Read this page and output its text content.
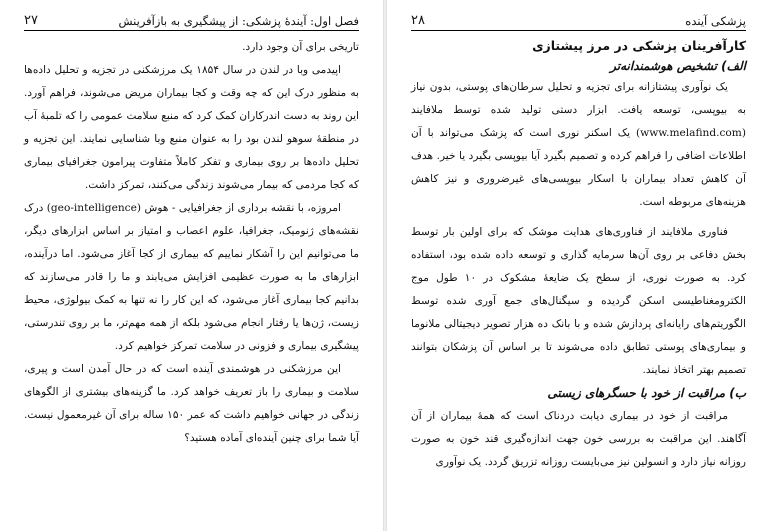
پزشکی آینده
۲۸

کارآفرینان پزشکی در مرز پیشتازی

الف) تشخیص هوشمندانه‌تر

یک نوآوری پیشتازانه برای تجزیه و تحلیل سرطان‌های پوستی، بدون نیاز به بیوپسی، توسعه یافت. ابزار دستی تولید شده توسط ملافایند (www.melafind.com) یک اسکنر نوری است که پزشک می‌تواند با آن اطلاعات اضافی را فراهم کرده و تصمیم بگیرد آیا بیوپسی بگیرد یا خیر. هدف آن کاهش تعداد بیماران با اسکار بیوپسی‌های غیرضروری و نیز کاهش هزینه‌های مربوطه است.

فناوری ملافایند از فناوری‌های هدایت موشک که برای اولین بار توسط بخش دفاعی بر روی آن‌ها سرمایه گذاری و توسعه داده شده بود، استفاده کرد. به صورت نوری، از سطح یک ضایعهٔ مشکوک در ۱۰ طول موج الکترومغناطیسی اسکن گردیده و سیگنال‌های جمع آوری شده توسط الگوریتم‌های رایانه‌ای پردازش شده و با بانک ده هزار تصویر دیجیتالی ملانوما و بیماری‌های پوستی تطابق داده می‌شوند تا بر اساس آن پزشکان بتوانند تصمیم بهتر اتخاذ نمایند.

ب) مراقبت از خود با حسگرهای زیستی

مراقبت از خود در بیماری دیابت دردناک است که همهٔ بیماران از آن آگاهند. این مراقبت به بررسی خون جهت اندازه‌گیری قند خون به صورت روزانه نیاز دارد و انسولین نیز می‌بایست روزانه تزریق گردد. یک نوآوری

فصل اول: آیندهٔ پزشکی: از پیشگیری به بازآفرینش
۲۷

تاریخی برای آن وجود دارد.

اپیدمی وبا در لندن در سال ۱۸۵۴ یک مرزشکنی در تجزیه و تحلیل داده‌ها به منظور درک این که چه وقت و کجا بیماران مریض می‌شوند، فراهم آورد. این روند به دست اندرکاران کمک کرد که منبع سلامت عمومی را که تلمبهٔ آب در منطقهٔ سوهو لندن بود را به عنوان منبع وبا شناسایی نمایند. این تجزیه و تحلیل داده‌ها بر روی بیماری و تفکر کاملاً متفاوت پیرامون جغرافیای بیماری که کجا مردمی که بیمار می‌شوند زندگی می‌کنند، تمرکز داشت.

امروزه، با نقشه برداری از جغرافیایی - هوش (geo-intelligence) درک نقشه‌های ژنومیک، جغرافیا، علوم اعصاب و امتیاز بر اساس ابزارهای دیگر، ما می‌توانیم این را آشکار نماییم که بیماری از کجا آغاز می‌شود. اما درآینده، ابزارهای ما به صورت عظیمی افزایش می‌یابند و ما را قادر می‌سازند که بدانیم کجا بیماری آغاز می‌شود، که این کار را نه تنها به کمک بیولوژی، محیط زیست، ژن‌ها یا رفتار انجام می‌شود بلکه از همه مهم‌تر، ما بر روی تندرستی، پیشگیری بیماری و فزونی در سلامت تمرکز خواهیم کرد.

این مرزشکنی در هوشمندی آینده است که در حال آمدن است و پیری، سلامت و بیماری را باز تعریف خواهد کرد. ما گزینه‌های بیشتری از الگوهای زندگی در جهانی خواهیم داشت که عمر ۱۵۰ ساله برای آن غیرمعمول نیست. آیا شما برای چنین آینده‌ای آماده هستید؟
